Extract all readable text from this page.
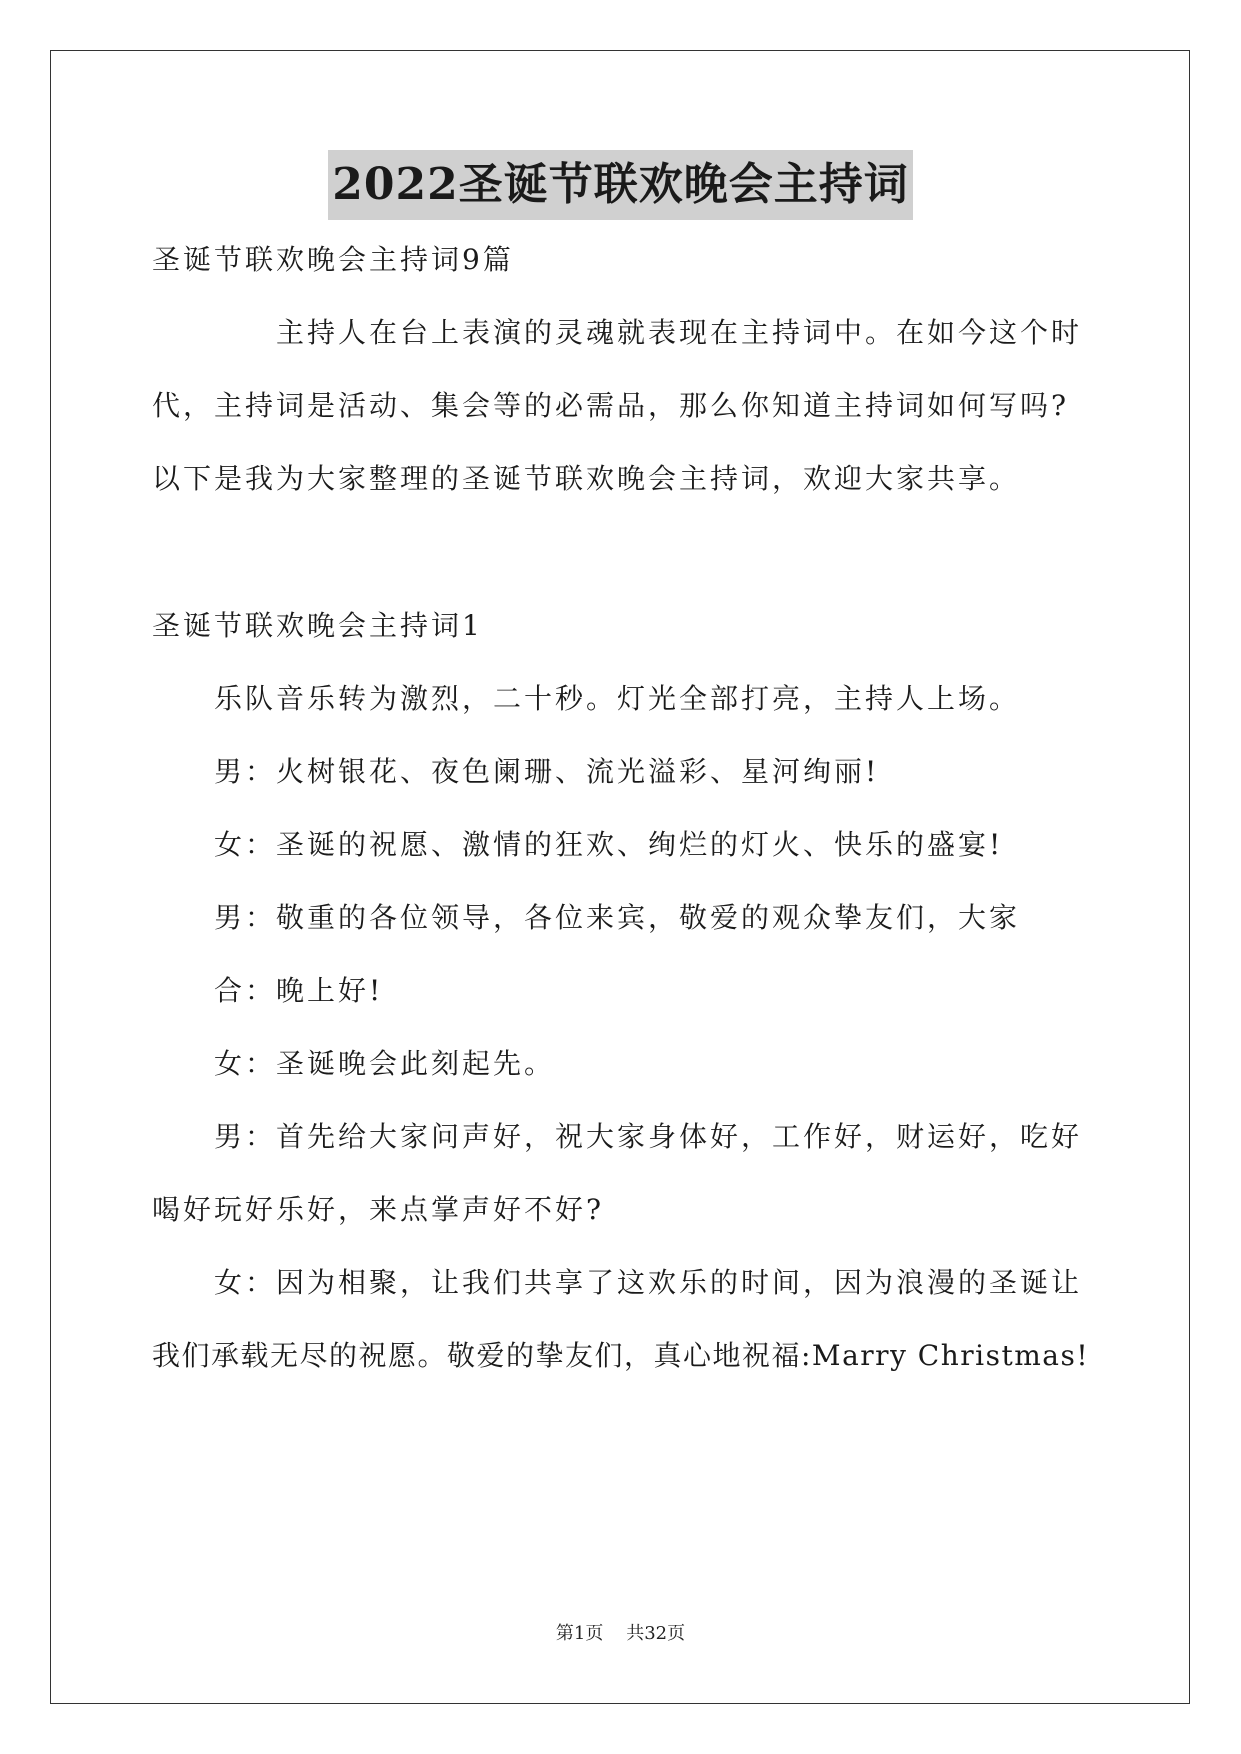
2022圣诞节联欢晚会主持词
圣诞节联欢晚会主持词9篇
主持人在台上表演的灵魂就表现在主持词中。在如今这个时
代，主持词是活动、集会等的必需品，那么你知道主持词如何写吗?
以下是我为大家整理的圣诞节联欢晚会主持词，欢迎大家共享。
圣诞节联欢晚会主持词1
乐队音乐转为激烈，二十秒。灯光全部打亮，主持人上场。
男：火树银花、夜色阑珊、流光溢彩、星河绚丽!
女：圣诞的祝愿、激情的狂欢、绚烂的灯火、快乐的盛宴!
男：敬重的各位领导，各位来宾，敬爱的观众挚友们，大家
合：晚上好!
女：圣诞晚会此刻起先。
男：首先给大家问声好，祝大家身体好，工作好，财运好，吃好
喝好玩好乐好，来点掌声好不好?
女：因为相聚，让我们共享了这欢乐的时间，因为浪漫的圣诞让
我们承载无尽的祝愿。敬爱的挚友们，真心地祝福:Marry Christmas!
第1页 共32页
